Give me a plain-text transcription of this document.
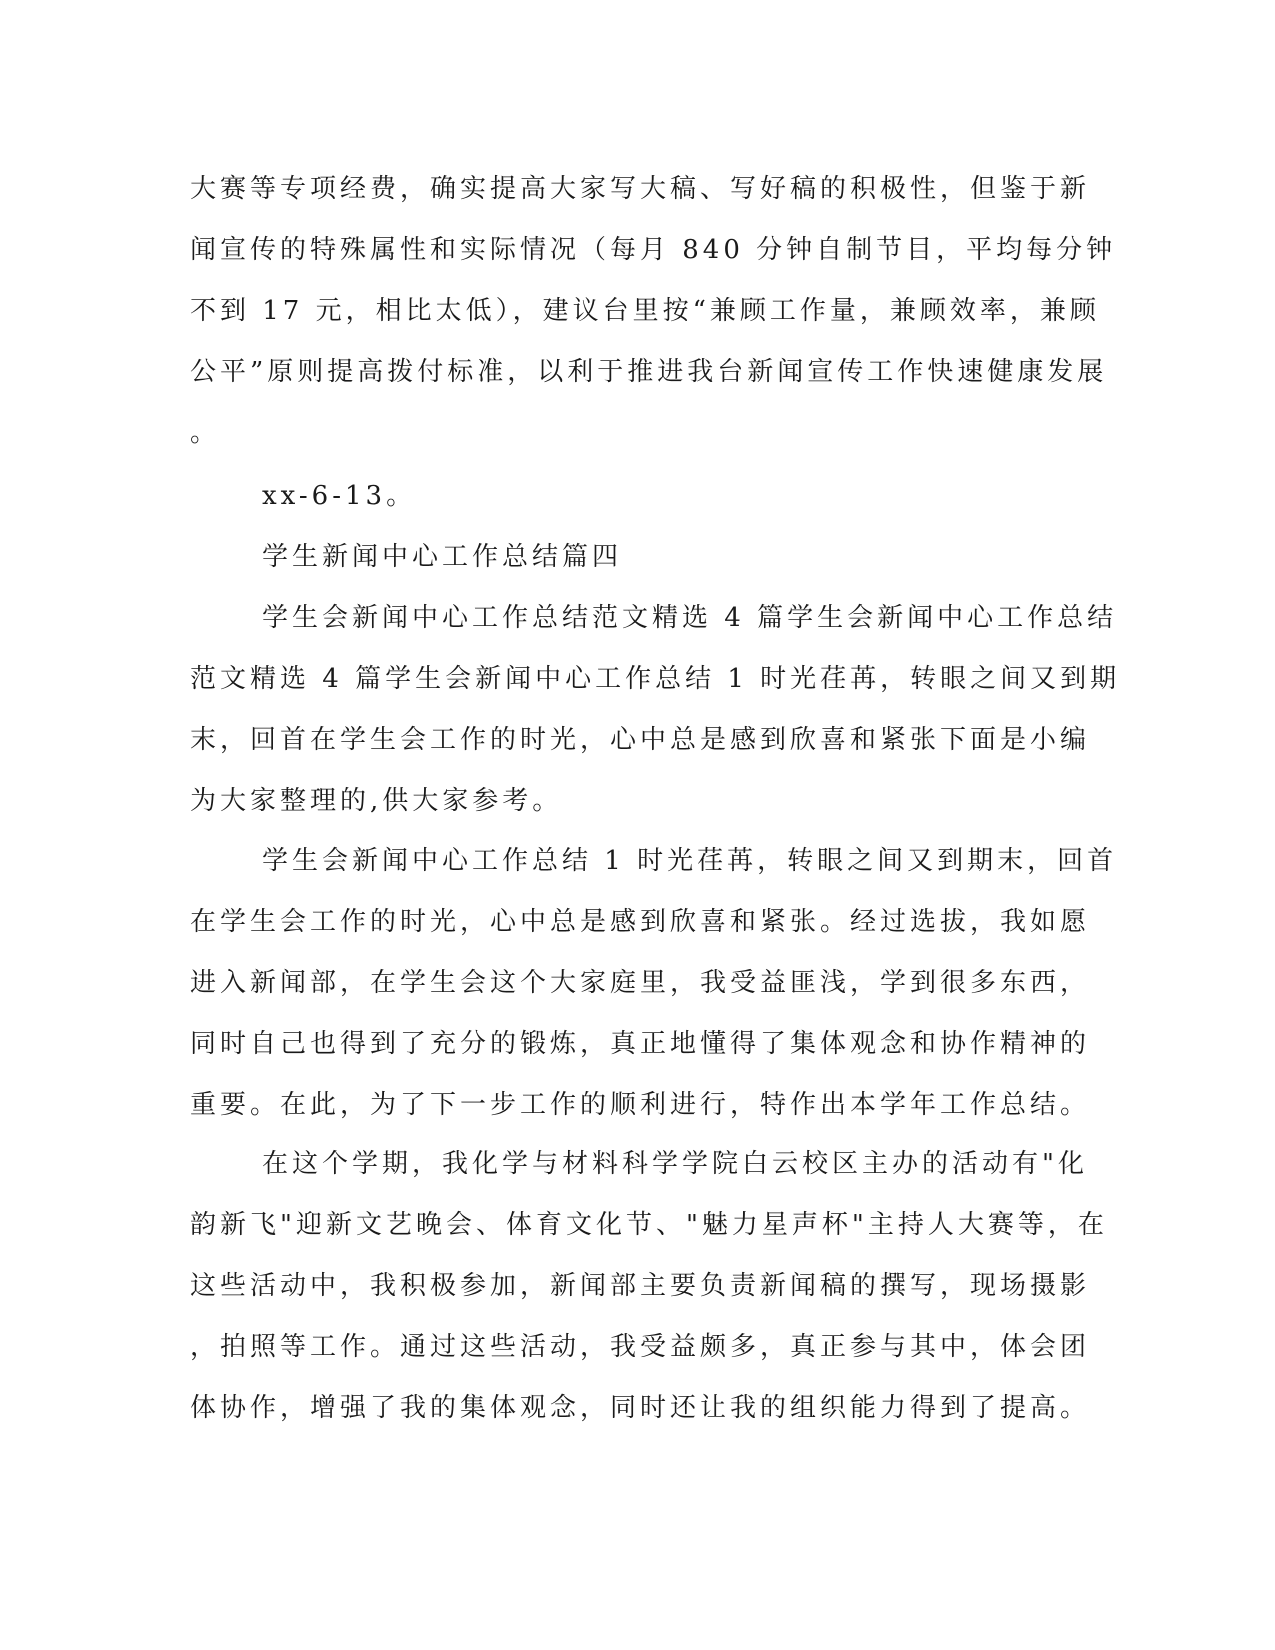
大赛等专项经费，确实提高大家写大稿、写好稿的积极性，但鉴于新
闻宣传的特殊属性和实际情况（每月 840 分钟自制节目，平均每分钟
不到 17 元，相比太低），建议台里按“兼顾工作量，兼顾效率，兼顾
公平”原则提高拨付标准，以利于推进我台新闻宣传工作快速健康发展
。
xx-6-13。
学生新闻中心工作总结篇四
学生会新闻中心工作总结范文精选 4 篇学生会新闻中心工作总结
范文精选 4 篇学生会新闻中心工作总结 1 时光荏苒，转眼之间又到期
末，回首在学生会工作的时光，心中总是感到欣喜和紧张下面是小编
为大家整理的,供大家参考。
学生会新闻中心工作总结 1 时光荏苒，转眼之间又到期末，回首
在学生会工作的时光，心中总是感到欣喜和紧张。经过选拔，我如愿
进入新闻部，在学生会这个大家庭里，我受益匪浅，学到很多东西，
同时自己也得到了充分的锻炼，真正地懂得了集体观念和协作精神的
重要。在此，为了下一步工作的顺利进行，特作出本学年工作总结。
在这个学期，我化学与材料科学学院白云校区主办的活动有"化
韵新飞"迎新文艺晚会、体育文化节、"魅力星声杯"主持人大赛等，在
这些活动中，我积极参加，新闻部主要负责新闻稿的撰写，现场摄影
，拍照等工作。通过这些活动，我受益颇多，真正参与其中，体会团
体协作，增强了我的集体观念，同时还让我的组织能力得到了提高。
